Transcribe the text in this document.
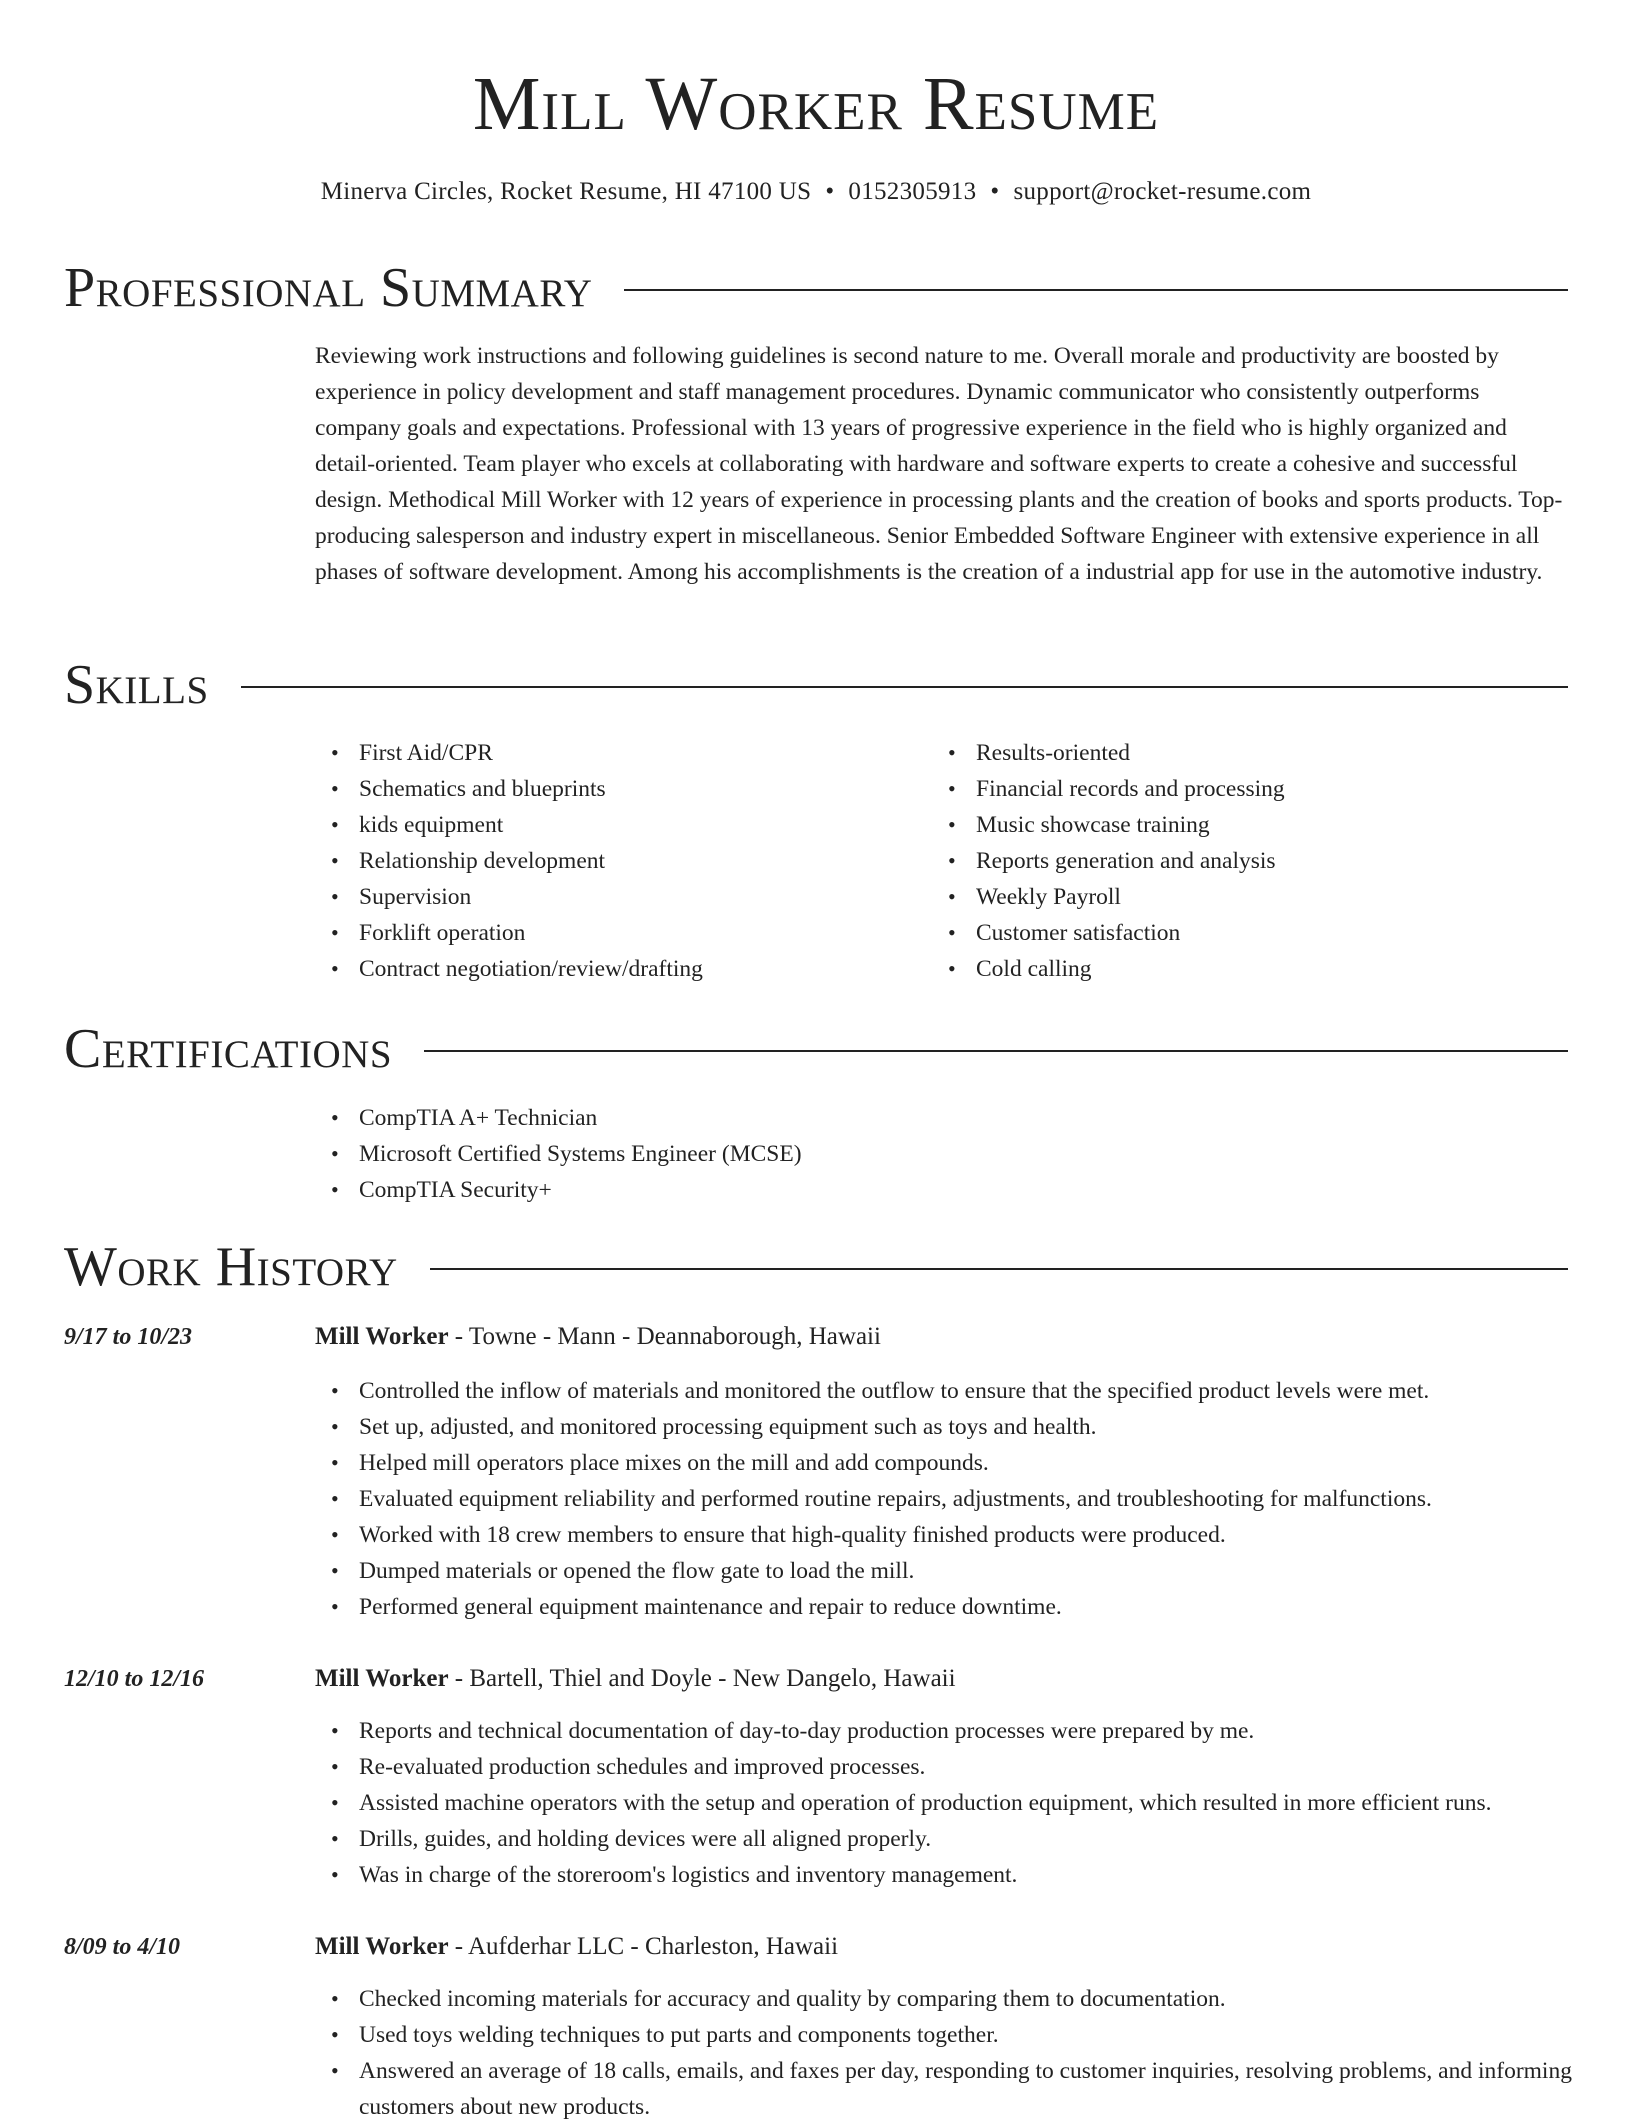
Mill Worker Resume
Minerva Circles, Rocket Resume, HI 47100 US • 0152305913 • support@rocket-resume.com
Professional Summary

Reviewing work instructions and following guidelines is second nature to me. Overall morale and productivity are boosted by experience in policy development and staff management procedures. Dynamic communicator who consistently outperforms company goals and expectations. Professional with 13 years of progressive experience in the field who is highly organized and detail-oriented. Team player who excels at collaborating with hardware and software experts to create a cohesive and successful design. Methodical Mill Worker with 12 years of experience in processing plants and the creation of books and sports products. Top-producing salesperson and industry expert in miscellaneous. Senior Embedded Software Engineer with extensive experience in all phases of software development. Among his accomplishments is the creation of a industrial app for use in the automotive industry.

Skills
• First Aid/CPR
• Schematics and blueprints
• kids equipment
• Relationship development
• Supervision
• Forklift operation
• Contract negotiation/review/drafting
• Results-oriented
• Financial records and processing
• Music showcase training
• Reports generation and analysis
• Weekly Payroll
• Customer satisfaction
• Cold calling
Certifications
• CompTIA A+ Technician
• Microsoft Certified Systems Engineer (MCSE)
• CompTIA Security+
Work History
9/17 to 10/23	Mill Worker - Towne - Mann - Deannaborough, Hawaii
• Controlled the inflow of materials and monitored the outflow to ensure that the specified product levels were met.
• Set up, adjusted, and monitored processing equipment such as toys and health.
• Helped mill operators place mixes on the mill and add compounds.
• Evaluated equipment reliability and performed routine repairs, adjustments, and troubleshooting for malfunctions.
• Worked with 18 crew members to ensure that high-quality finished products were produced.
• Dumped materials or opened the flow gate to load the mill.
• Performed general equipment maintenance and repair to reduce downtime.
12/10 to 12/16	Mill Worker - Bartell, Thiel and Doyle - New Dangelo, Hawaii
• Reports and technical documentation of day-to-day production processes were prepared by me.
• Re-evaluated production schedules and improved processes.
• Assisted machine operators with the setup and operation of production equipment, which resulted in more efficient runs.
• Drills, guides, and holding devices were all aligned properly.
• Was in charge of the storeroom's logistics and inventory management.
8/09 to 4/10	Mill Worker - Aufderhar LLC - Charleston, Hawaii
• Checked incoming materials for accuracy and quality by comparing them to documentation.
• Used toys welding techniques to put parts and components together.
• Answered an average of 18 calls, emails, and faxes per day, responding to customer inquiries, resolving problems, and informing customers about new products.
